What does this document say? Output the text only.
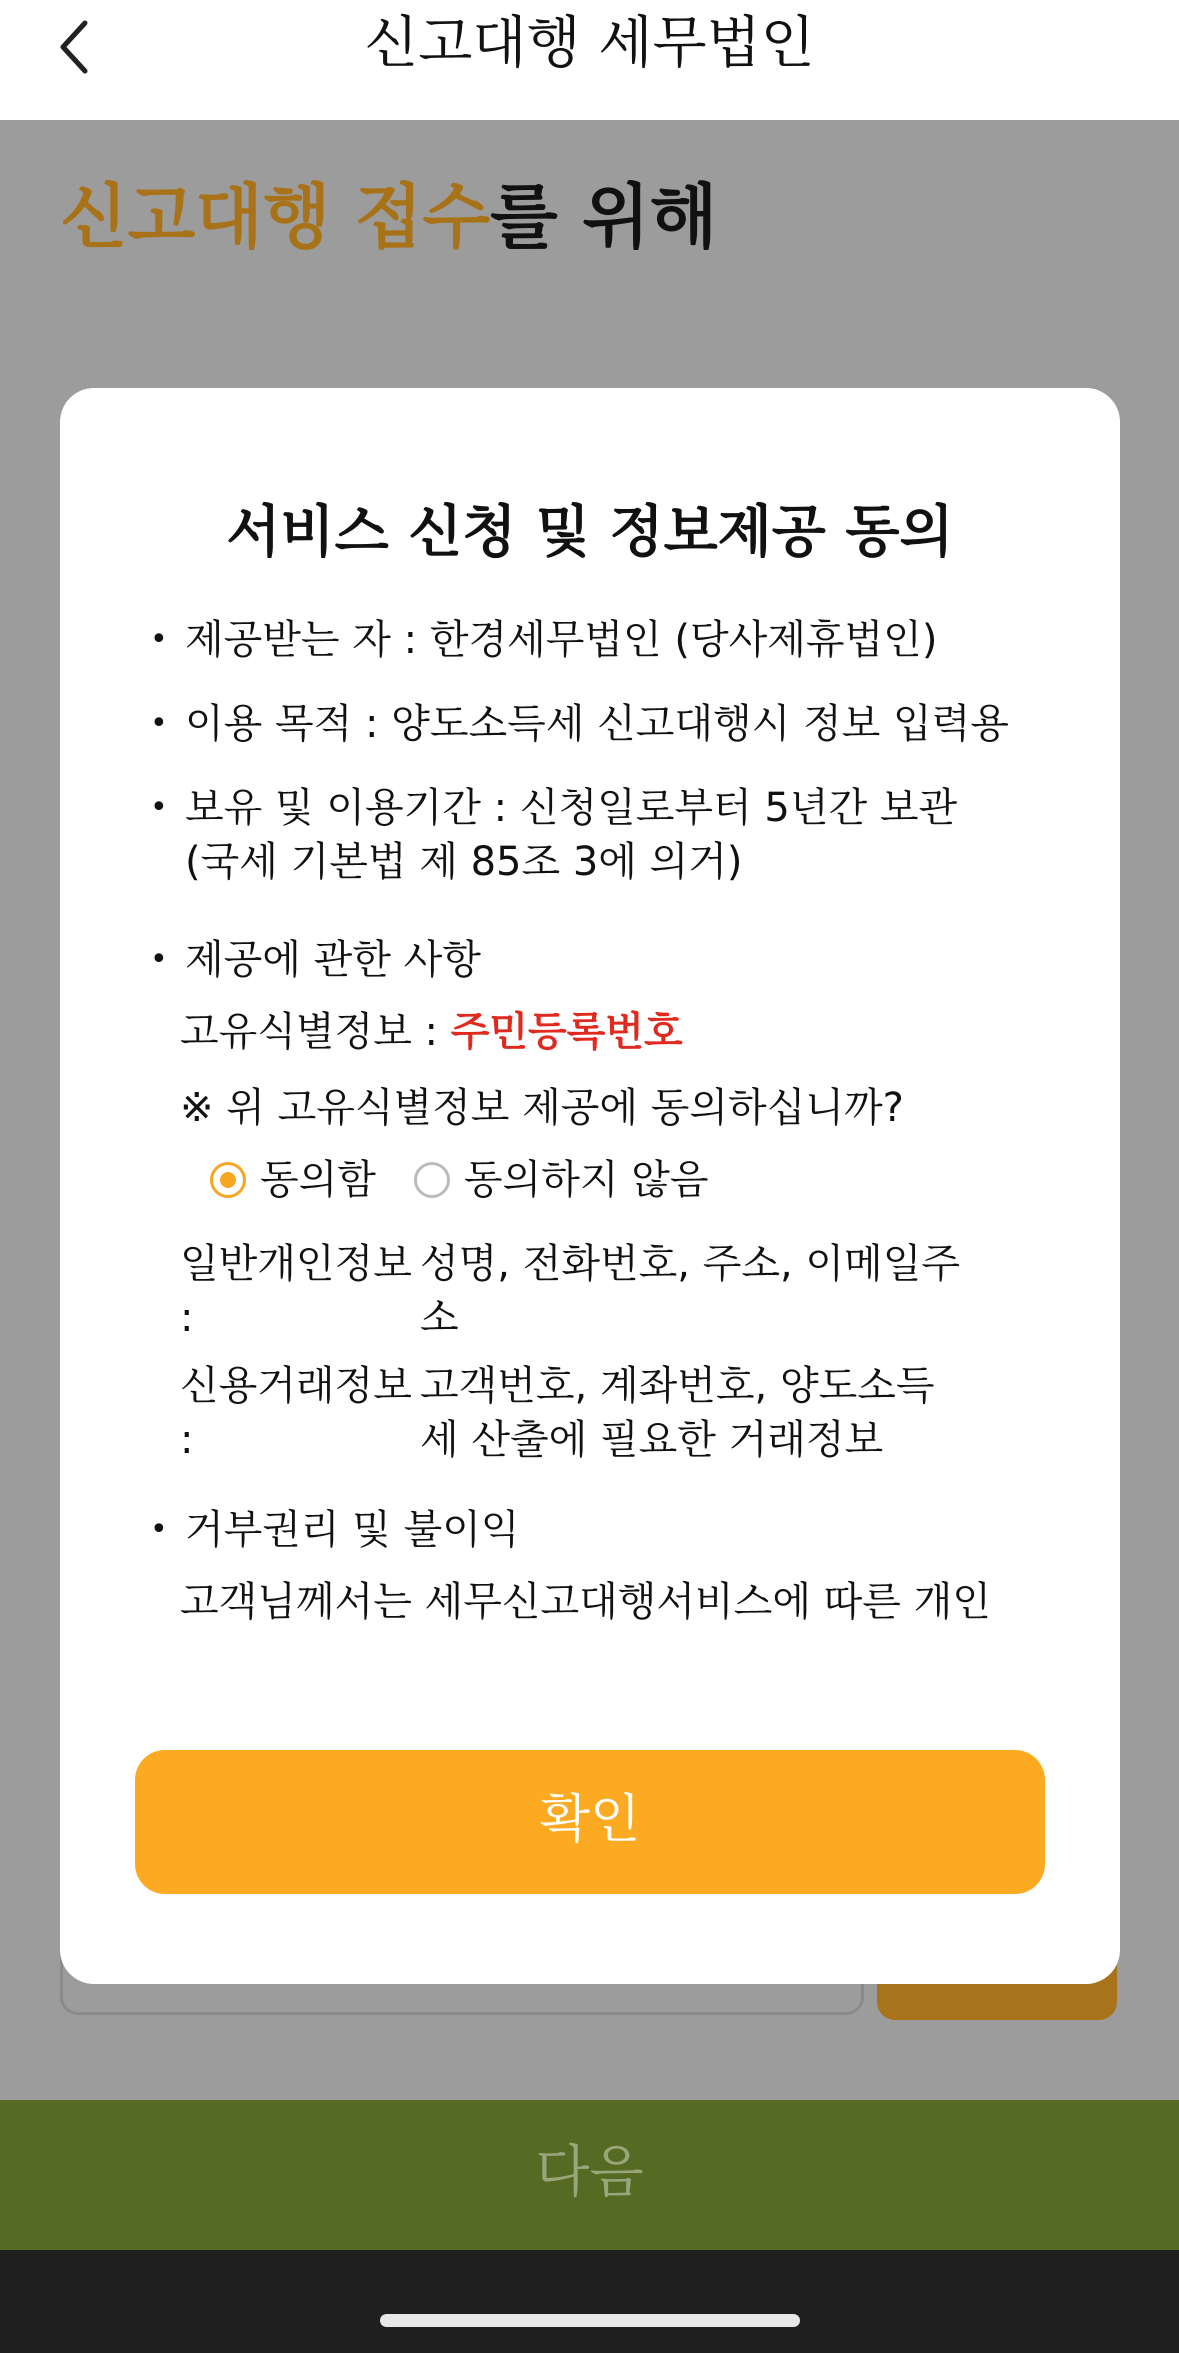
신고대행 세무법인
신고대행 접수를 위해
서비스 신청 및 정보제공 동의
• 제공받는 자 : 한경세무법인 (당사제휴법인)
• 이용 목적 : 양도소득세 신고대행시 정보 입력용
• 보유 및 이용기간 : 신청일로부터 5년간 보관
(국세 기본법 제 85조 3에 의거)
• 제공에 관한 사항
고유식별정보 : 주민등록번호
※ 위 고유식별정보 제공에 동의하십니까?
동의함 동의하지 않음
일반개인정보
:
성명, 전화번호, 주소, 이메일주소
신용거래정보
:
고객번호, 계좌번호, 양도소득세 산출에 필요한 거래정보
• 거부권리 및 불이익
고객님께서는 세무신고대행서비스에 따른 개인
확인
다음
